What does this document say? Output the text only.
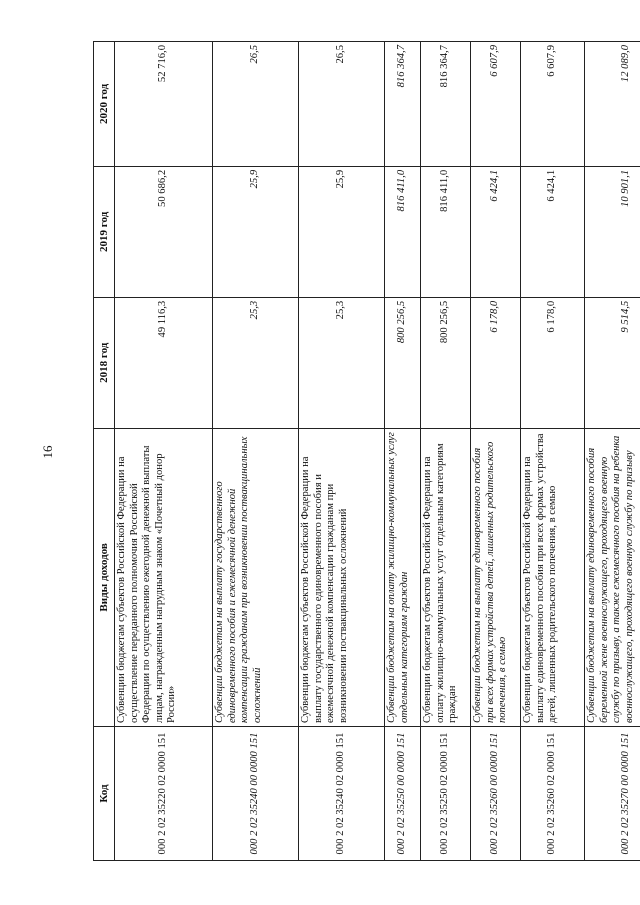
16
Код	Виды доходов	2018 год	2019 год	2020 год
000 2 02 35220 02 0000 151	Субвенции бюджетам субъектов Российской Федерации на осуществление переданного полномочия Российской Федерации по осуществлению ежегодной денежной выплаты лицам, награжденным нагрудным знаком «Почетный донор России»	49 116,3	50 686,2	52 716,0
000 2 02 35240 00 0000 151	Субвенции бюджетам на выплату государственного единовременного пособия и ежемесячной денежной компенсации гражданам при возникновении поствакцинальных осложнений	25,3	25,9	26,5
000 2 02 35240 02 0000 151	Субвенции бюджетам субъектов Российской Федерации на выплату государственного единовременного пособия и ежемесячной денежной компенсации гражданам при возникновении поствакцинальных осложнений	25,3	25,9	26,5
000 2 02 35250 00 0000 151	Субвенции бюджетам на оплату жилищно-коммунальных услуг отдельным категориям граждан	800 256,5	816 411,0	816 364,7
000 2 02 35250 02 0000 151	Субвенции бюджетам субъектов Российской Федерации на оплату жилищно-коммунальных услуг отдельным категориям граждан	800 256,5	816 411,0	816 364,7
000 2 02 35260 00 0000 151	Субвенции бюджетам на выплату единовременного пособия при всех формах устройства детей, лишенных родительского попечения, в семью	6 178,0	6 424,1	6 607,9
000 2 02 35260 02 0000 151	Субвенции бюджетам субъектов Российской Федерации на выплату единовременного пособия при всех формах устройства детей, лишенных родительского попечения, в семью	6 178,0	6 424,1	6 607,9
000 2 02 35270 00 0000 151	Субвенции бюджетам на выплату единовременного пособия беременной жене военнослужащего, проходящего военную службу по призыву, а также ежемесячного пособия на ребенка военнослужащего, проходящего военную службу по призыву	9 514,5	10 901,1	12 089,0
